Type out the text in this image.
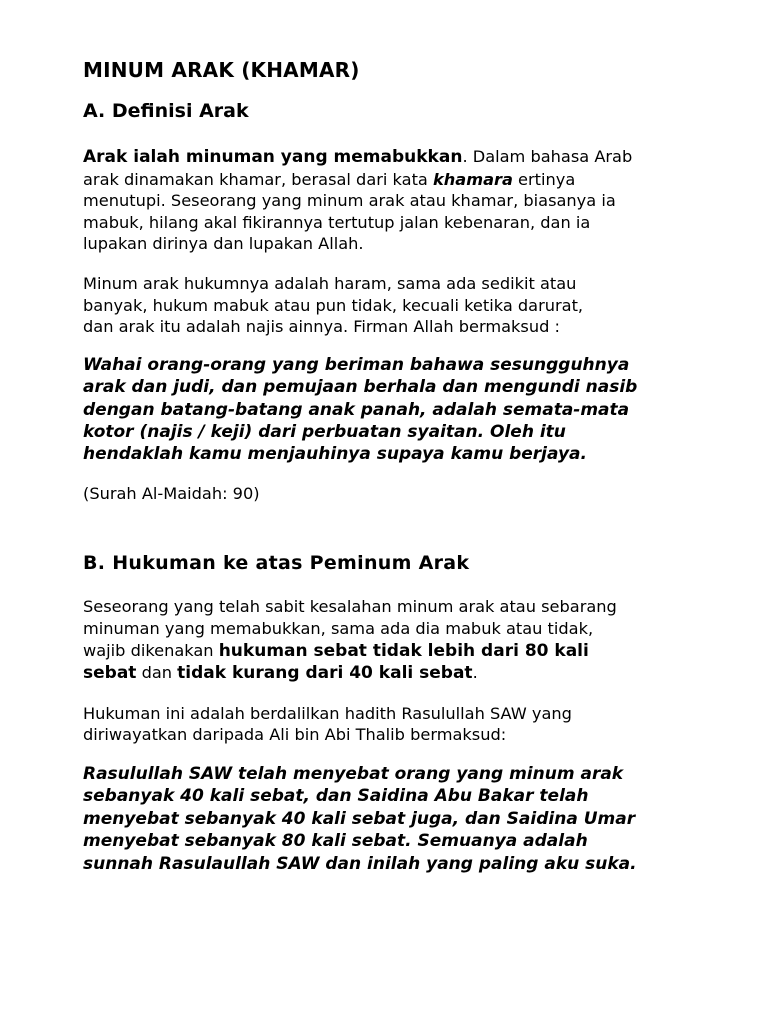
MINUM ARAK (KHAMAR)
A. Definisi Arak
Arak ialah minuman yang memabukkan. Dalam bahasa Arab
arak dinamakan khamar, berasal dari kata khamara ertinya
menutupi. Seseorang yang minum arak atau khamar, biasanya ia
mabuk, hilang akal fikirannya tertutup jalan kebenaran, dan ia
lupakan dirinya dan lupakan Allah.
Minum arak hukumnya adalah haram, sama ada sedikit atau
banyak, hukum mabuk atau pun tidak, kecuali ketika darurat,
dan arak itu adalah najis ainnya. Firman Allah bermaksud :
Wahai orang-orang yang beriman bahawa sesungguhnya
arak dan judi, dan pemujaan berhala dan mengundi nasib
dengan batang-batang anak panah, adalah semata-mata
kotor (najis / keji) dari perbuatan syaitan. Oleh itu
hendaklah kamu menjauhinya supaya kamu berjaya.
(Surah Al-Maidah: 90)
B. Hukuman ke atas Peminum Arak
Seseorang yang telah sabit kesalahan minum arak atau sebarang
minuman yang memabukkan, sama ada dia mabuk atau tidak,
wajib dikenakan hukuman sebat tidak lebih dari 80 kali
sebat dan tidak kurang dari 40 kali sebat.
Hukuman ini adalah berdalilkan hadith Rasulullah SAW yang
diriwayatkan daripada Ali bin Abi Thalib bermaksud:
Rasulullah SAW telah menyebat orang yang minum arak
sebanyak 40 kali sebat, dan Saidina Abu Bakar telah
menyebat sebanyak 40 kali sebat juga, dan Saidina Umar
menyebat sebanyak 80 kali sebat. Semuanya adalah
sunnah Rasulaullah SAW dan inilah yang paling aku suka.
